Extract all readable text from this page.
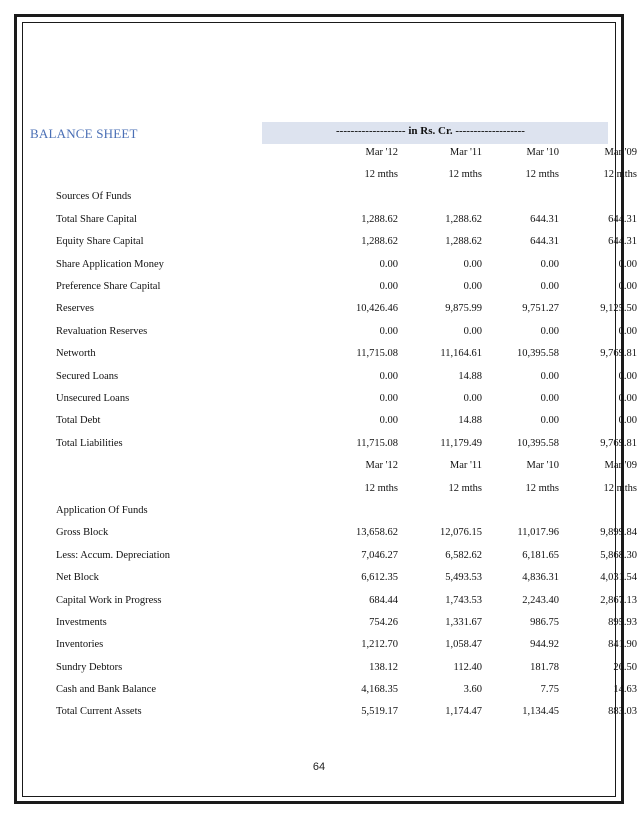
BALANCE SHEET	------------------- in Rs. Cr. -------------------
	Mar '12	Mar '11	Mar '10	Mar '09
	12 mths	12 mths	12 mths	12 mths
Sources Of Funds				
Total Share Capital	1,288.62	1,288.62	644.31	644.31
Equity Share Capital	1,288.62	1,288.62	644.31	644.31
Share Application Money	0.00	0.00	0.00	0.00
Preference Share Capital	0.00	0.00	0.00	0.00
Reserves	10,426.46	9,875.99	9,751.27	9,125.50
Revaluation Reserves	0.00	0.00	0.00	0.00
Networth	11,715.08	11,164.61	10,395.58	9,769.81
Secured Loans	0.00	14.88	0.00	0.00
Unsecured Loans	0.00	0.00	0.00	0.00
Total Debt	0.00	14.88	0.00	0.00
Total Liabilities	11,715.08	11,179.49	10,395.58	9,769.81
	Mar '12	Mar '11	Mar '10	Mar '09
	12 mths	12 mths	12 mths	12 mths
Application Of Funds				
Gross Block	13,658.62	12,076.15	11,017.96	9,899.84
Less: Accum. Depreciation	7,046.27	6,582.62	6,181.65	5,868.30
Net Block	6,612.35	5,493.53	4,836.31	4,031.54
Capital Work in Progress	684.44	1,743.53	2,243.40	2,867.13
Investments	754.26	1,331.67	986.75	895.93
Inventories	1,212.70	1,058.47	944.92	841.90
Sundry Debtors	138.12	112.40	181.78	26.50
Cash and Bank Balance	4,168.35	3.60	7.75	14.63
Total Current Assets	5,519.17	1,174.47	1,134.45	883.03
64
